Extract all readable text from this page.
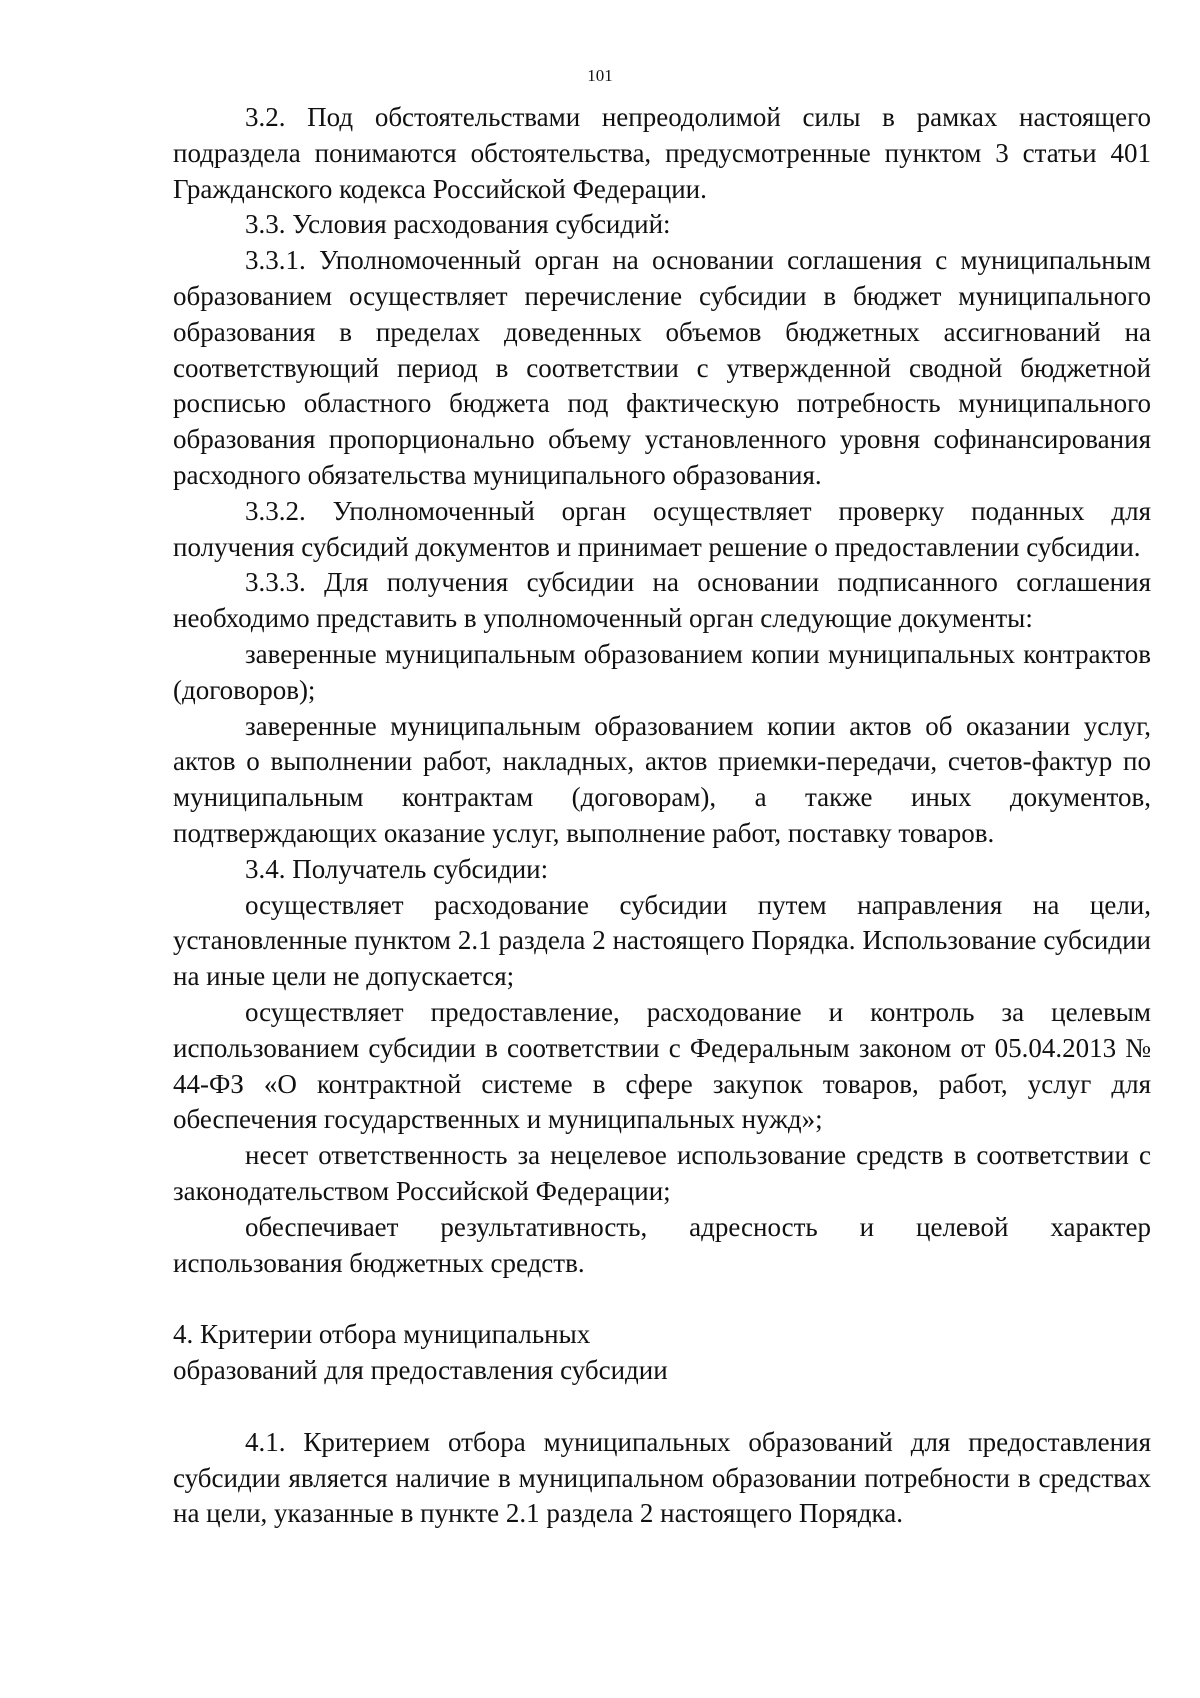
101

3.2. Под обстоятельствами непреодолимой силы в рамках настоящего подраздела понимаются обстоятельства, предусмотренные пунктом 3 статьи 401 Гражданского кодекса Российской Федерации.

3.3. Условия расходования субсидий:

3.3.1. Уполномоченный орган на основании соглашения с муниципальным образованием осуществляет перечисление субсидии в бюджет муниципального образования в пределах доведенных объемов бюджетных ассигнований на соответствующий период в соответствии с утвержденной сводной бюджетной росписью областного бюджета под фактическую потребность муниципального образования пропорционально объему установленного уровня софинансирования расходного обязательства муниципального образования.

3.3.2. Уполномоченный орган осуществляет проверку поданных для получения субсидий документов и принимает решение о предоставлении субсидии.

3.3.3. Для получения субсидии на основании подписанного соглашения необходимо представить в уполномоченный орган следующие документы:

заверенные муниципальным образованием копии муниципальных контрактов (договоров);

заверенные муниципальным образованием копии актов об оказании услуг, актов о выполнении работ, накладных, актов приемки-передачи, счетов-фактур по муниципальным контрактам (договорам), а также иных документов, подтверждающих оказание услуг, выполнение работ, поставку товаров.

3.4. Получатель субсидии:

осуществляет расходование субсидии путем направления на цели, установленные пунктом 2.1 раздела 2 настоящего Порядка. Использование субсидии на иные цели не допускается;

осуществляет предоставление, расходование и контроль за целевым использованием субсидии в соответствии с Федеральным законом от 05.04.2013 № 44-ФЗ «О контрактной системе в сфере закупок товаров, работ, услуг для обеспечения государственных и муниципальных нужд»;

несет ответственность за нецелевое использование средств в соответствии с законодательством Российской Федерации;

обеспечивает результативность, адресность и целевой характер использования бюджетных средств.

4. Критерии отбора муниципальных
образований для предоставления субсидии

4.1. Критерием отбора муниципальных образований для предоставления субсидии является наличие в муниципальном образовании потребности в средствах на цели, указанные в пункте 2.1 раздела 2 настоящего Порядка.
